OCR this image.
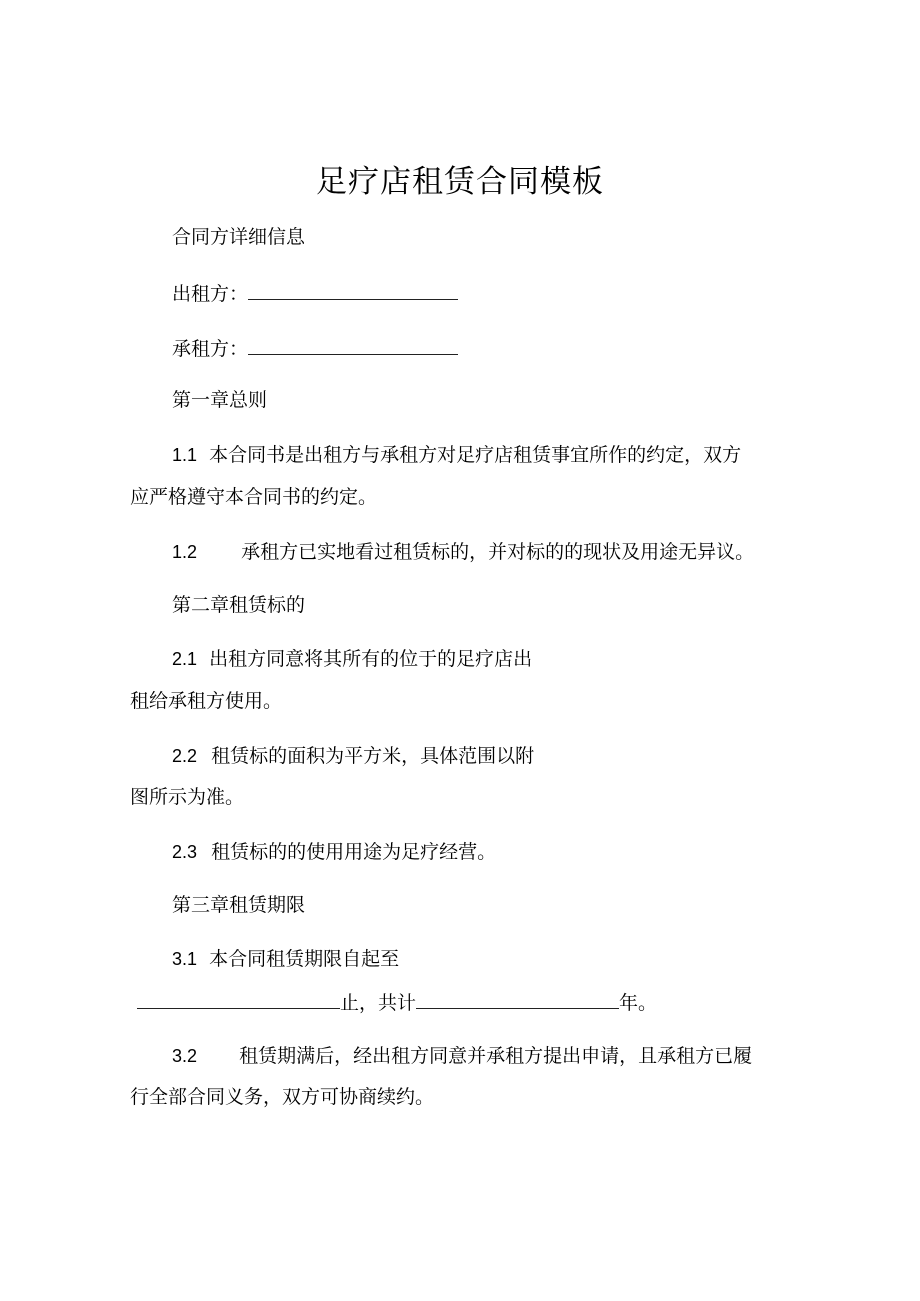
足疗店租赁合同模板
合同方详细信息
出租方：
承租方：
第一章总则
1.1 本合同书是出租方与承租方对足疗店租赁事宜所作的约定，双方
应严格遵守本合同书的约定。
1.2 承租方已实地看过租赁标的，并对标的的现状及用途无异议。
第二章租赁标的
2.1 出租方同意将其所有的位于的足疗店出
租给承租方使用。
2.2 租赁标的面积为平方米，具体范围以附
图所示为准。
2.3 租赁标的的使用用途为足疗经营。
第三章租赁期限
3.1 本合同租赁期限自起至
止，共计	年。
3.2 租赁期满后，经出租方同意并承租方提出申请，且承租方已履
行全部合同义务，双方可协商续约。
